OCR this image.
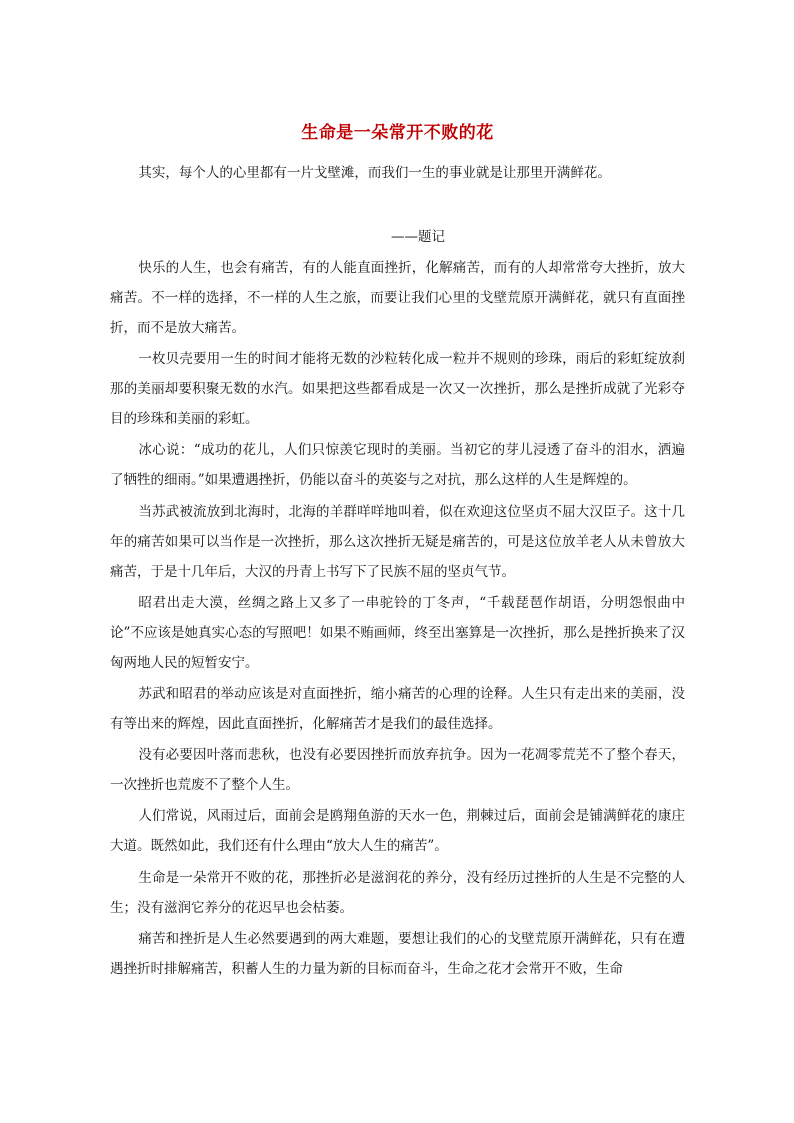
生命是一朵常开不败的花

其实，每个人的心里都有一片戈壁滩，而我们一生的事业就是让那里开满鲜花。

——题记

快乐的人生，也会有痛苦，有的人能直面挫折，化解痛苦，而有的人却常常夸大挫折，放大痛苦。不一样的选择，不一样的人生之旅，而要让我们心里的戈壁荒原开满鲜花，就只有直面挫折，而不是放大痛苦。

一枚贝壳要用一生的时间才能将无数的沙粒转化成一粒并不规则的珍珠，雨后的彩虹绽放刹那的美丽却要积聚无数的水汽。如果把这些都看成是一次又一次挫折，那么是挫折成就了光彩夺目的珍珠和美丽的彩虹。

冰心说：“成功的花儿，人们只惊羡它现时的美丽。当初它的芽儿浸透了奋斗的泪水，洒遍了牺牲的细雨。”如果遭遇挫折，仍能以奋斗的英姿与之对抗，那么这样的人生是辉煌的。

当苏武被流放到北海时，北海的羊群咩咩地叫着，似在欢迎这位坚贞不屈大汉臣子。这十几年的痛苦如果可以当作是一次挫折，那么这次挫折无疑是痛苦的，可是这位放羊老人从未曾放大痛苦，于是十几年后，大汉的丹青上书写下了民族不屈的坚贞气节。

昭君出走大漠，丝绸之路上又多了一串驼铃的丁冬声，“千载琵琶作胡语，分明怨恨曲中论”不应该是她真实心态的写照吧！如果不贿画师，终至出塞算是一次挫折，那么是挫折换来了汉匈两地人民的短暂安宁。

苏武和昭君的举动应该是对直面挫折，缩小痛苦的心理的诠释。人生只有走出来的美丽，没有等出来的辉煌，因此直面挫折，化解痛苦才是我们的最佳选择。

没有必要因叶落而悲秋，也没有必要因挫折而放弃抗争。因为一花凋零荒芜不了整个春天，一次挫折也荒废不了整个人生。

人们常说，风雨过后，面前会是鸥翔鱼游的天水一色，荆棘过后，面前会是铺满鲜花的康庄大道。既然如此，我们还有什么理由“放大人生的痛苦”。

生命是一朵常开不败的花，那挫折必是滋润花的养分，没有经历过挫折的人生是不完整的人生；没有滋润它养分的花迟早也会枯萎。

痛苦和挫折是人生必然要遇到的两大难题，要想让我们的心的戈壁荒原开满鲜花，只有在遭遇挫折时排解痛苦，积蓄人生的力量为新的目标而奋斗，生命之花才会常开不败，生命
